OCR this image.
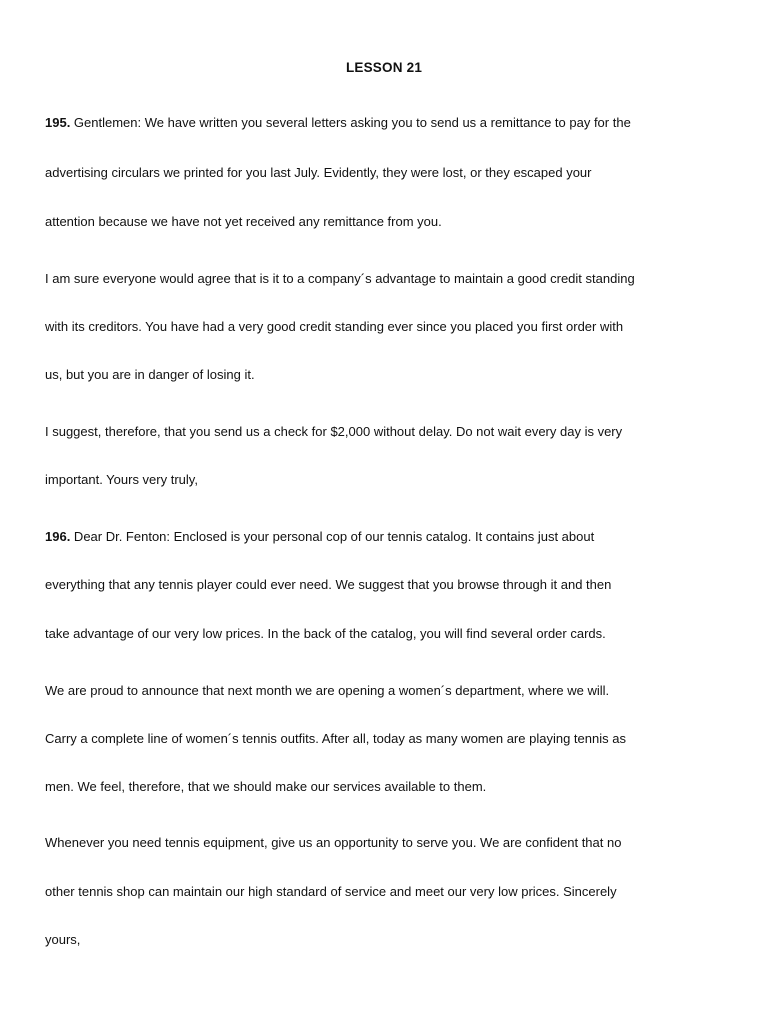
LESSON 21
195. Gentlemen: We have written you several letters asking you to send us a remittance to pay for the
advertising circulars we printed for you last July. Evidently, they were lost, or they escaped your
attention because we have not yet received any remittance from you.
I am sure everyone would agree that is it to a company´s advantage to maintain a good credit standing
with its creditors. You have had a very good credit standing ever since you placed you first order with
us, but you are in danger of losing it.
I suggest, therefore, that you send us a check for $2,000 without delay. Do not wait every day is very
important. Yours very truly,
196. Dear Dr. Fenton: Enclosed is your personal cop of our tennis catalog. It contains just about
everything that any tennis player could ever need. We suggest that you browse through it and then
take advantage of our very low prices. In the back of the catalog, you will find several order cards.
We are proud to announce that next month we are opening a women´s department, where we will.
Carry a complete line of women´s tennis outfits. After all, today as many women are playing tennis as
men. We feel, therefore, that we should make our services available to them.
Whenever you need tennis equipment, give us an opportunity to serve you. We are confident that no
other tennis shop can maintain our high standard of service and meet our very low prices. Sincerely
yours,
